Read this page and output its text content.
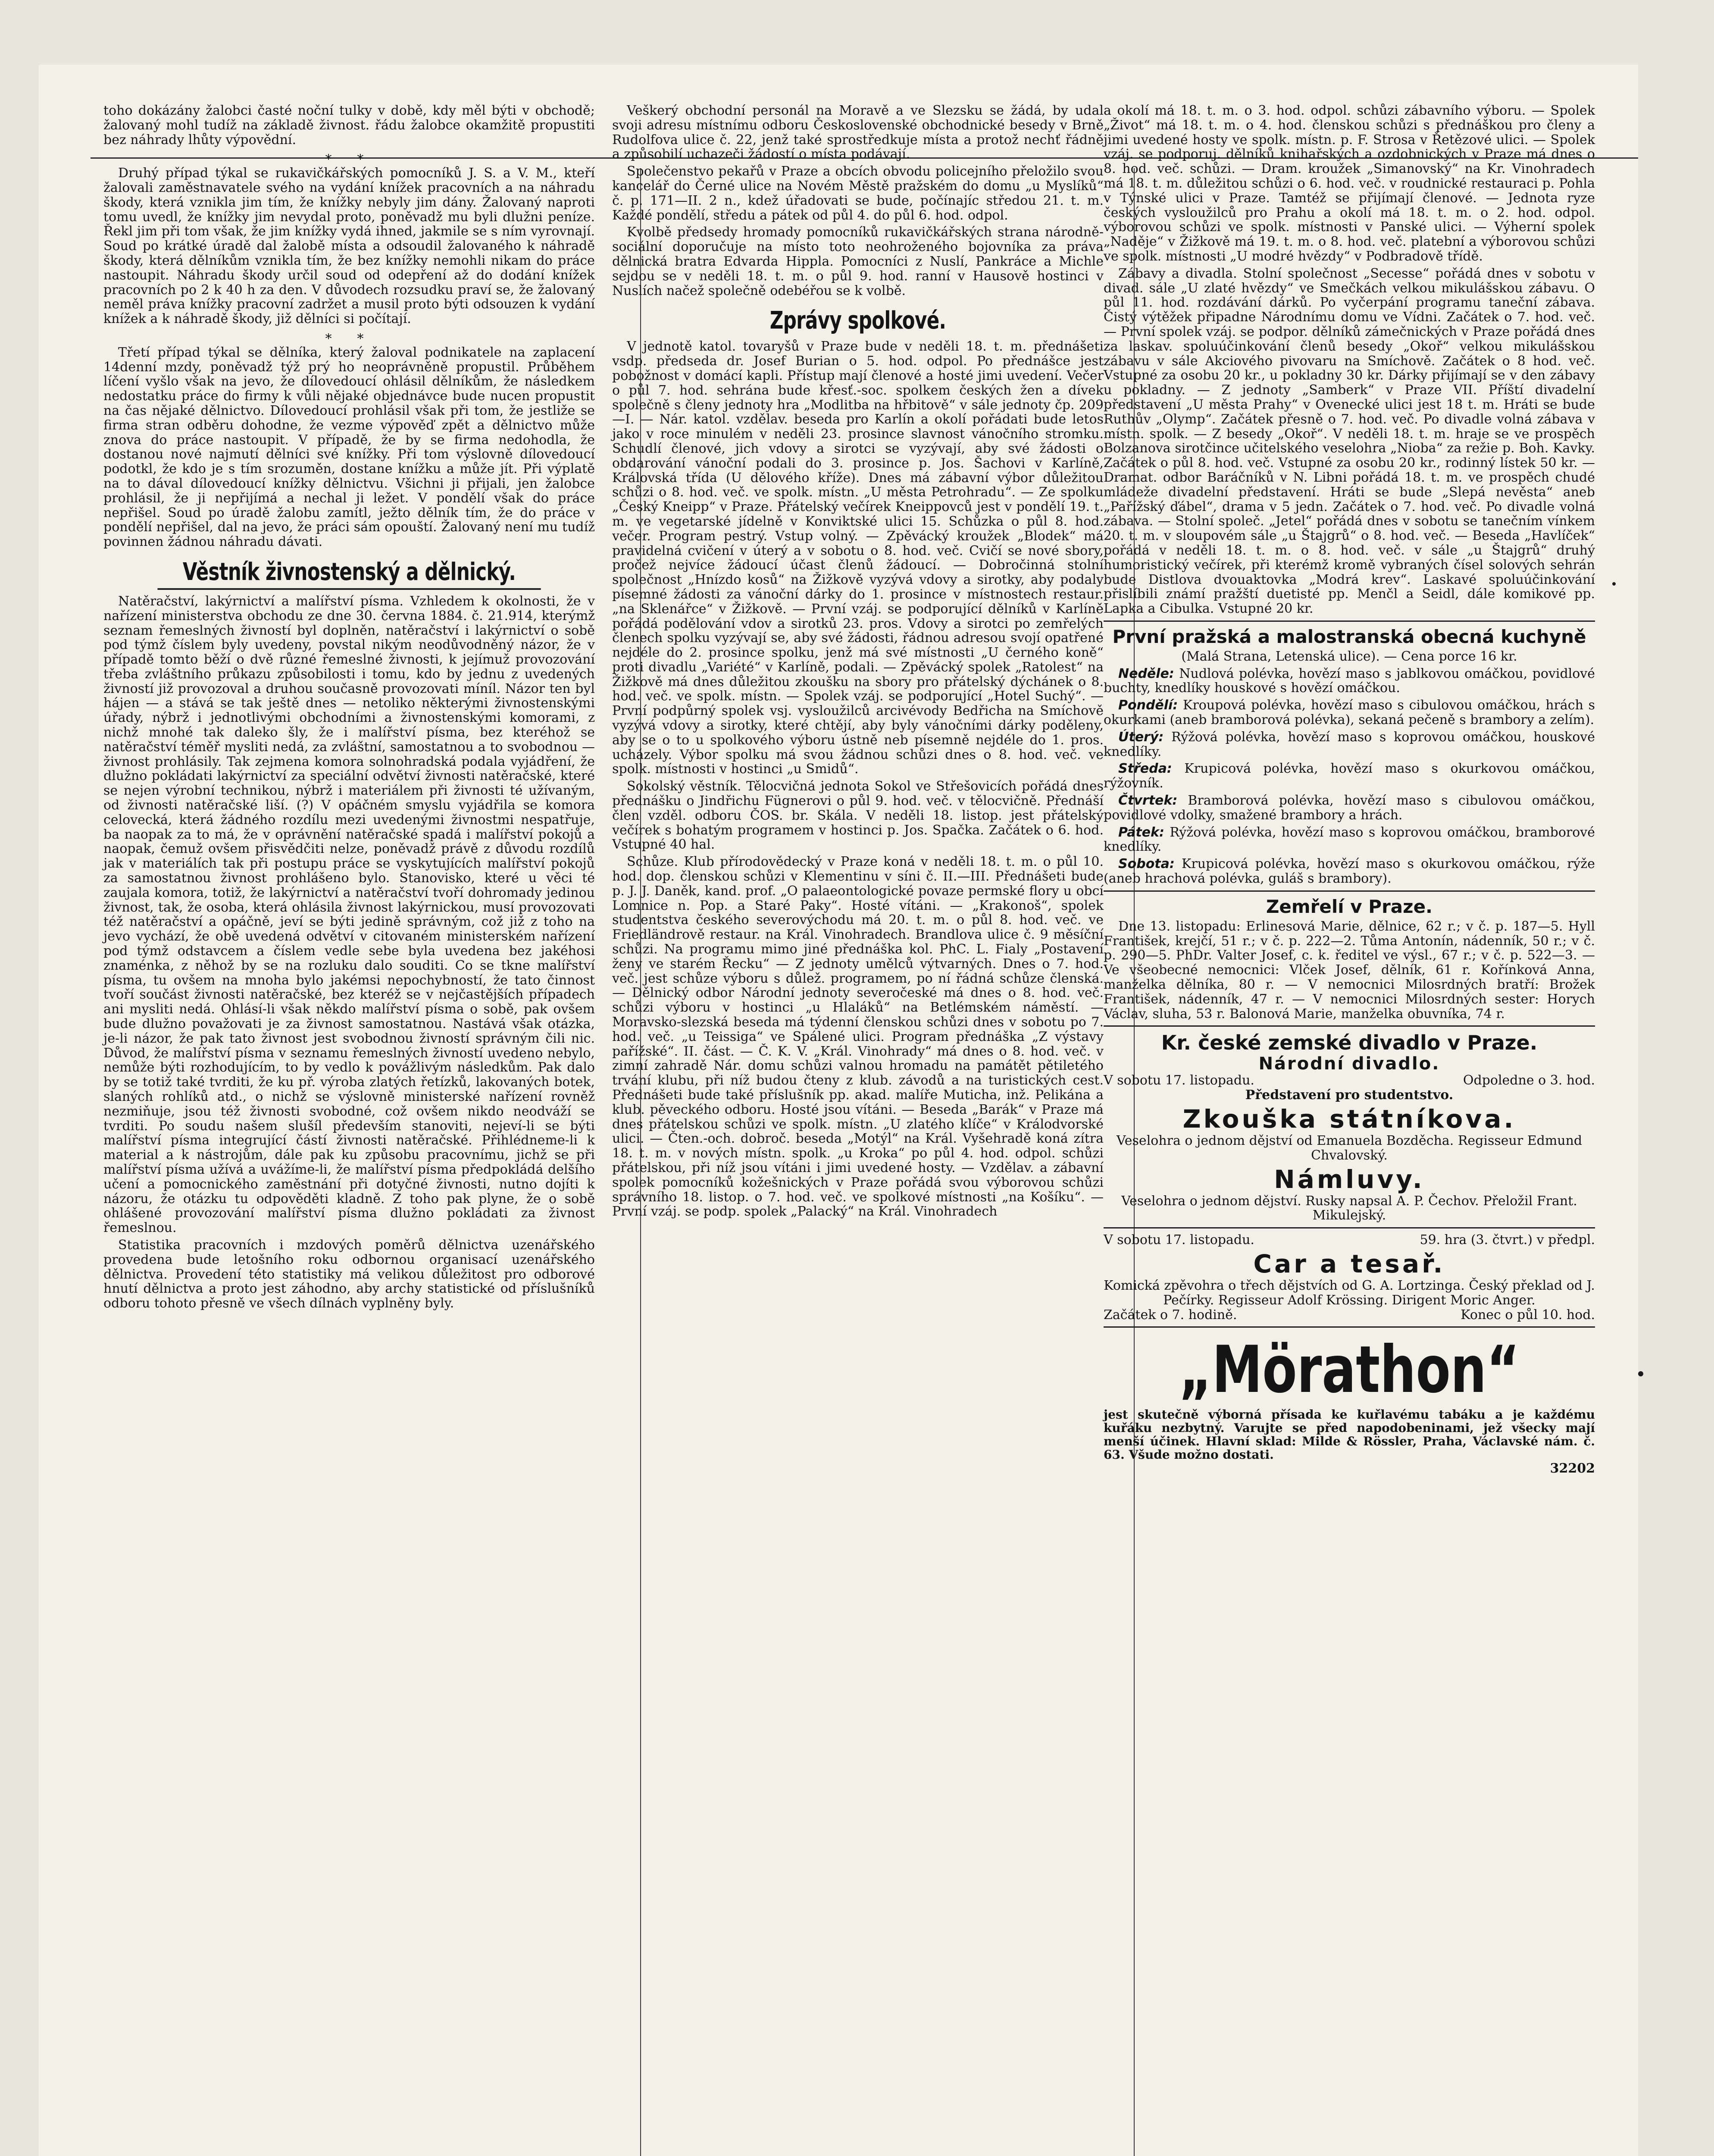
toho dokázány žalobci časté noční tulky v době, kdy měl býti v obchodě; žalovaný mohl tudíž na základě živnost. řádu žalobce okamžitě propustiti bez náhrady lhůty výpovědní.

∗ ∗

Druhý případ týkal se rukavičkářských pomocníků J. S. a V. M., kteří žalovali zaměstnavatele svého na vydání knížek pracovních a na náhradu škody, která vznikla jim tím, že knížky nebyly jim dány. Žalovaný naproti tomu uvedl, že knížky jim nevydal proto, poněvadž mu byli dlužni peníze. Řekl jim při tom však, že jim knížky vydá ihned, jakmile se s ním vyrovnají. Soud po krátké úradě dal žalobě místa a odsoudil žalovaného k náhradě škody, která dělníkům vznikla tím, že bez knížky nemohli nikam do práce nastoupit. Náhradu škody určil soud od odepření až do dodání knížek pracovních po 2 k 40 h za den. V důvodech rozsudku praví se, že žalovaný neměl práva knížky pracovní zadržet a musil proto býti odsouzen k vydání knížek a k náhradě škody, již dělníci si počítají.

∗ ∗

Třetí případ týkal se dělníka, který žaloval podnikatele na zaplacení 14denní mzdy, poněvadž týž prý ho neoprávněně propustil. Průběhem líčení vyšlo však na jevo, že dílovedoucí ohlásil dělníkům, že následkem nedostatku práce do firmy k vůli nějaké objednávce bude nucen propustit na čas nějaké dělnictvo. Dílovedoucí prohlásil však při tom, že jestliže se firma stran odběru dohodne, že vezme výpověď zpět a dělnictvo může znova do práce nastoupit. V případě, že by se firma nedohodla, že dostanou nové najmutí dělníci své knížky. Při tom výslovně dílovedoucí podotkl, že kdo je s tím srozuměn, dostane knížku a může jít. Při výplatě na to dával dílovedoucí knížky dělnictvu. Všichni ji přijali, jen žalobce prohlásil, že ji nepřijímá a nechal ji ležet. V pondělí však do práce nepřišel. Soud po úradě žalobu zamítl, ježto dělník tím, že do práce v pondělí nepřišel, dal na jevo, že práci sám opouští. Žalovaný není mu tudíž povinnen žádnou náhradu dávati.

Věstník živnostenský a dělnický.

Natěračství, lakýrnictví a malířství písma. Vzhledem k okolnosti, že v nařízení ministerstva obchodu ze dne 30. června 1884. č. 21.914, kterýmž seznam řemeslných živností byl doplněn, natěračství i lakýrnictví o sobě pod týmž číslem byly uvedeny, povstal nikým neodůvodněný názor, že v případě tomto běží o dvě různé řemeslné živnosti, k jejímuž provozování třeba zvláštního průkazu způsobilosti i tomu, kdo by jednu z uvedených živností již provozoval a druhou současně provozovati míníl. Názor ten byl hájen — a stává se tak ještě dnes — netoliko některými živnostenskými úřady, nýbrž i jednotlivými obchodními a živnostenskými komorami, z nichž mnohé tak daleko šly, že i malířství písma, bez kteréhož se natěračství téměř mysliti nedá, za zvláštní, samostatnou a to svobodnou — živnost prohlásily. Tak zejmena komora solnohradská podala vyjádření, že dlužno pokládati lakýrnictví za speciální odvětví živnosti natěračské, které se nejen výrobní technikou, nýbrž i materiálem při živnosti té užívaným, od živnosti natěračské liší. (?) V opáčném smyslu vyjádřila se komora celovecká, která žádného rozdílu mezi uvedenými živnostmi nespatřuje, ba naopak za to má, že v oprávnění natěračské spadá i malířství pokojů a naopak, čemuž ovšem přisvědčiti nelze, poněvadž právě z důvodu rozdílů jak v materiálích tak při postupu práce se vyskytujících malířství pokojů za samostatnou živnost prohlášeno bylo. Stanovisko, které u věci té zaujala komora, totiž, že lakýrnictví a natěračství tvoří dohromady jedinou živnost, tak, že osoba, která ohlásila živnost lakýrnickou, musí provozovati též natěračství a opáčně, jeví se býti jedině správným, což již z toho na jevo vychází, že obě uvedená odvětví v citovaném ministerském nařízení pod týmž odstavcem a číslem vedle sebe byla uvedena bez jakéhosi znaménka, z něhož by se na rozluku dalo souditi. Co se tkne malířství písma, tu ovšem na mnoha bylo jakémsi nepochybností, že tato činnost tvoří součást živnosti natěračské, bez kteréž se v nejčastějších případech ani mysliti nedá. Ohlásí-li však někdo malířství písma o sobě, pak ovšem bude dlužno považovati je za živnost samostatnou. Nastává však otázka, je-li názor, že pak tato živnost jest svobodnou živností správným čili nic. Důvod, že malířství písma v seznamu řemeslných živností uvedeno nebylo, nemůže býti rozhodujícím, to by vedlo k povážlivým následkům. Pak dalo by se totiž také tvrditi, že ku př. výroba zlatých řetízků, lakovaných botek, slaných rohlíků atd., o nichž se výslovně ministerské nařízení rovněž nezmiňuje, jsou též živnosti svobodné, což ovšem nikdo neodváží se tvrditi. Po soudu našem slušíl především stanoviti, nejeví-li se býti malířství písma integrující částí živnosti natěračské. Přihlédneme-li k material a k nástrojům, dále pak ku způsobu pracovnímu, jichž se při malířství písma užívá a uvážíme-li, že malířství písma předpokládá delšího učení a pomocnického zaměstnání při dotyčné živnosti, nutno dojíti k názoru, že otázku tu odpověděti kladně. Z toho pak plyne, že o sobě ohlášené provozování malířství písma dlužno pokládati za živnost řemeslnou.

Statistika pracovních i mzdových poměrů dělnictva uzenářského provedena bude letošního roku odbornou organisací uzenářského dělnictva. Provedení této statistiky má velikou důležitost pro odborové hnutí dělnictva a proto jest záhodno, aby archy statistické od příslušníků odboru tohoto přesně ve všech dílnách vyplněny byly.

Veškerý obchodní personál na Moravě a ve Slezsku se žádá, by udal svoji adresu místnímu odboru Československé obchodnické besedy v Brně Rudolfova ulice č. 22, jenž také sprostředkuje místa a protož nechť řádně a způsobilí uchazeči žádostí o místa podávají.

Společenstvo pekařů v Praze a obcích obvodu policejního přeložilo svou kancelář do Černé ulice na Novém Městě pražském do domu „u Myslíků“ č. p. 171—II. 2 n., kdež úřadovati se bude, počínajíc středou 21. t. m. Každé pondělí, středu a pátek od půl 4. do půl 6. hod. odpol.

Kvolbě předsedy hromady pomocníků rukavičkářských strana národně-sociální doporučuje na místo toto neohroženého bojovníka za práva dělnická bratra Edvarda Hippla. Pomocníci z Nuslí, Pankráce a Michle sejdou se v neděli 18. t. m. o půl 9. hod. ranní v Hausově hostinci v Nuslích načež společně odebéřou se k volbě.

Zprávy spolkové.

V jednotě katol. tovaryšů v Praze bude v neděli 18. t. m. přednášeti vsdp. předseda dr. Josef Burian o 5. hod. odpol. Po přednášce jest pobožnost v domácí kapli. Přístup mají členové a hosté jimi uvedení. Večer o půl 7. hod. sehrána bude křesť.-soc. spolkem českých žen a dívek společně s členy jednoty hra „Modlitba na hřbitově“ v sále jednoty čp. 209—I. — Nár. katol. vzdělav. beseda pro Karlín a okolí pořádati bude letos jako v roce minulém v neděli 23. prosince slavnost vánočního stromku. Schudlí členové, jich vdovy a sirotci se vyzývají, aby své žádosti o obdarování vánoční podali do 3. prosince p. Jos. Šachovi v Karlíně, Královská třída (U dělového kříže). Dnes má zábavní výbor důležitou schůzi o 8. hod. več. ve spolk. místn. „U města Petrohradu“. — Ze spolku „Český Kneipp“ v Praze. Přátelský večírek Kneippovců jest v pondělí 19. t. m. ve vegetarské jídelně v Konviktské ulici 15. Schůzka o půl 8. hod. večer. Program pestrý. Vstup volný. — Zpěvácký kroužek „Blodek“ má pravidelná cvičení v úterý a v sobotu o 8. hod. več. Cvičí se nové sbory, pročež nejvíce žádoucí účast členů žádoucí. — Dobročinná stolní společnost „Hnízdo kosů“ na Žižkově vyzývá vdovy a sirotky, aby podaly písemné žádosti za vánoční dárky do 1. prosince v místnostech restaur. „na Sklenářce“ v Žižkově. — První vzáj. se podporující dělníků v Karlíně pořádá podělování vdov a sirotků 23. pros. Vdovy a sirotci po zemřelých členech spolku vyzývají se, aby své žádosti, řádnou adresou svojí opatřené nejdéle do 2. prosince spolku, jenž má své místnosti „U černého koně“ proti divadlu „Variété“ v Karlíně, podali. — Zpěvácký spolek „Ratolest“ na Žižkově má dnes důležitou zkoušku na sbory pro přátelský dýchánek o 8. hod. več. ve spolk. místn. — Spolek vzáj. se podporující „Hotel Suchý“. — První podpůrný spolek vsj. vysloužilců arcivévody Bedřicha na Smíchově vyzývá vdovy a sirotky, které chtějí, aby byly vánočními dárky poděleny, aby se o to u spolkového výboru ústně neb písemně nejdéle do 1. pros. ucházely. Výbor spolku má svou žádnou schůzi dnes o 8. hod. več. ve spolk. místnosti v hostinci „u Smidů“.

Sokolský věstník. Tělocvičná jednota Sokol ve Střešovicích pořádá dnes přednášku o Jindřichu Fügnerovi o půl 9. hod. več. v tělocvičně. Přednáší člen vzděl. odboru ČOS. br. Skála. V neděli 18. listop. jest přátelský večírek s bohatým programem v hostinci p. Jos. Spačka. Začátek o 6. hod. Vstupné 40 hal.

Schůze. Klub přírodovědecký v Praze koná v neděli 18. t. m. o půl 10. hod. dop. členskou schůzi v Klementinu v síni č. II.—III. Přednášeti bude p. J. J. Daněk, kand. prof. „O palaeontologické povaze permské flory u obcí Lomnice n. Pop. a Staré Paky“. Hosté vítáni. — „Krakonoš“, spolek studentstva českého severovýchodu má 20. t. m. o půl 8. hod. več. ve Friedländrově restaur. na Král. Vinohradech. Brandlova ulice č. 9 měsíční schůzi. Na programu mimo jiné přednáška kol. PhC. L. Fialy „Postavení ženy ve starém Řecku“ — Z jednoty umělců výtvarných. Dnes o 7. hod. več. jest schůze výboru s důlež. programem, po ní řádná schůze členská. — Dělnický odbor Národní jednoty severočeské má dnes o 8. hod. več. schůzi výboru v hostinci „u Hlaláků“ na Betlémském náměstí. — Moravsko-slezská beseda má týdenní členskou schůzi dnes v sobotu po 7. hod. več. „u Teissiga“ ve Spálené ulici. Program přednáška „Z výstavy pařížské“. II. část. — Č. K. V. „Král. Vinohrady“ má dnes o 8. hod. več. v zimní zahradě Nár. domu schůzi valnou hromadu na památět pětiletého trvání klubu, při níž budou čteny z klub. závodů a na turistických cest. Přednášeti bude také příslušník pp. akad. malíře Muticha, inž. Pelikána a klub. pěveckého odboru. Hosté jsou vítáni. — Beseda „Barák“ v Praze má dnes přátelskou schůzi ve spolk. místn. „U zlatého klíče“ v Králodvorské ulici. — Čten.-och. dobroč. beseda „Motýl“ na Král. Vyšehradě koná zítra 18. t. m. v nových místn. spolk. „u Kroka“ po půl 4. hod. odpol. schůzi přátelskou, při níž jsou vítáni i jimi uvedené hosty. — Vzdělav. a zábavní spolek pomocníků kožešnických v Praze pořádá svou výborovou schůzi správního 18. listop. o 7. hod. več. ve spolkové místnosti „na Košíku“. — První vzáj. se podp. spolek „Palacký“ na Král. Vinohradech

a okolí má 18. t. m. o 3. hod. odpol. schůzi zábavního výboru. — Spolek „Život“ má 18. t. m. o 4. hod. členskou schůzi s přednáškou pro členy a jimi uvedené hosty ve spolk. místn. p. F. Strosa v Řetězové ulici. — Spolek vzáj. se podporuj. dělníků knihařských a ozdobnických v Praze má dnes o 8. hod. več. schůzi. — Dram. kroužek „Simanovský“ na Kr. Vinohradech má 18. t. m. důležitou schůzi o 6. hod. več. v roudnické restauraci p. Pohla v Týnské ulici v Praze. Tamtéž se přijímají členové. — Jednota ryze českých vysloužilců pro Prahu a okolí má 18. t. m. o 2. hod. odpol. výborovou schůzi ve spolk. místnosti v Panské ulici. — Výherní spolek „Naděje“ v Žižkově má 19. t. m. o 8. hod. več. platební a výborovou schůzi ve spolk. místnosti „U modré hvězdy“ v Podbradově třídě.

Zábavy a divadla. Stolní společnost „Secesse“ pořádá dnes v sobotu v divad. sále „U zlaté hvězdy“ ve Smečkách velkou mikulášskou zábavu. O půl 11. hod. rozdávání dárků. Po vyčerpání programu taneční zábava. Čistý výtěžek připadne Národnímu domu ve Vídni. Začátek o 7. hod. več. — První spolek vzáj. se podpor. dělníků zámečnických v Praze pořádá dnes za laskav. spoluúčinkování členů besedy „Okoř“ velkou mikulášskou zábavu v sále Akciového pivovaru na Smíchově. Začátek o 8 hod. več. Vstupné za osobu 20 kr., u pokladny 30 kr. Dárky přijímají se v den zábavy u pokladny. — Z jednoty „Samberk“ v Praze VII. Příští divadelní představení „U města Prahy“ v Ovenecké ulici jest 18 t. m. Hráti se bude Ruthův „Olymp“. Začátek přesně o 7. hod. več. Po divadle volná zábava v místn. spolk. — Z besedy „Okoř“. V neděli 18. t. m. hraje se ve prospěch Bolzanova sirotčince učitelského veselohra „Nioba“ za režie p. Boh. Kavky. Začátek o půl 8. hod. več. Vstupné za osobu 20 kr., rodinný lístek 50 kr. — Dramat. odbor Baráčníků v N. Libni pořádá 18. t. m. ve prospěch chudé mládeže divadelní představení. Hráti se bude „Slepá nevěsta“ aneb „Pařížský ďábel“, drama v 5 jedn. Začátek o 7. hod. več. Po divadle volná zábava. — Stolní společ. „Jetel“ pořádá dnes v sobotu se tanečním vínkem 20. t. m. v sloupovém sále „u Štajgrů“ o 8. hod. več. — Beseda „Havlíček“ pořádá v neděli 18. t. m. o 8. hod. več. v sále „u Štajgrů“ druhý humoristický večírek, při kterémž kromě vybraných čísel solových sehrán bude Distlova dvouaktovka „Modrá krev“. Laskavé spoluúčinkování přislíbili známí pražští duetisté pp. Menčl a Seidl, dále komikové pp. Lapka a Cibulka. Vstupné 20 kr.

První pražská a malostranská obecná kuchyně

(Malá Strana, Letenská ulice). — Cena porce 16 kr.

Neděle: Nudlová polévka, hovězí maso s jablkovou omáčkou, povidlové buchty, knedlíky houskové s hovězí omáčkou.

Pondělí: Kroupová polévka, hovězí maso s cibulovou omáčkou, hrách s okurkami (aneb bramborová polévka), sekaná pečeně s brambory a zelím).

Úterý: Rýžová polévka, hovězí maso s koprovou omáčkou, houskové knedlíky.

Středa: Krupicová polévka, hovězí maso s okurkovou omáčkou, rýžovník.

Čtvrtek: Bramborová polévka, hovězí maso s cibulovou omáčkou, povidlové vdolky, smažené brambory a hrách.

Pátek: Rýžová polévka, hovězí maso s koprovou omáčkou, bramborové knedlíky.

Sobota: Krupicová polévka, hovězí maso s okurkovou omáčkou, rýže (aneb hrachová polévka, guláš s brambory).

Zemřelí v Praze.

Dne 13. listopadu: Erlinesová Marie, dělnice, 62 r.; v č. p. 187—5. Hyll František, krejčí, 51 r.; v č. p. 222—2. Tůma Antonín, nádenník, 50 r.; v č. p. 290—5. PhDr. Valter Josef, c. k. ředitel ve výsl., 67 r.; v č. p. 522—3. — Ve všeobecné nemocnici: Vlček Josef, dělník, 61 r. Kořínková Anna, manželka dělníka, 80 r. — V nemocnici Milosrdných bratří: Brožek František, nádenník, 47 r. — V nemocnici Milosrdných sester: Horych Václav, sluha, 53 r. Balonová Marie, manželka obuvníka, 74 r.

Kr. české zemské divadlo v Praze.
Národní divadlo.
V sobotu 17. listopadu.	Odpoledne o 3. hod.
Představení pro studentstvo.
Zkouška státníkova.
Veselohra o jednom dějství od Emanuela Bozděcha. Regisseur Edmund Chvalovský.
Námluvy.
Veselohra o jednom dějství. Rusky napsal A. P. Čechov. Přeložil Frant. Mikulejský.
V sobotu 17. listopadu.	59. hra (3. čtvrt.) v předpl.
Car a tesař.
Komická zpěvohra o třech dějstvích od G. A. Lortzinga. Český překlad od J. Pečírky. Regisseur Adolf Krössing. Dirigent Moric Anger.
Začátek o 7. hodině.	Konec o půl 10. hod.
„Mörathon“
jest skutečně výborná přísada ke kuřlavému tabáku a je každému kuřáku nezbytný. Varujte se před napodobeninami, jež všecky mají menší účinek. Hlavní sklad: Milde & Rössler, Praha, Václavské nám. č. 63. Všude možno dostati.
32202
